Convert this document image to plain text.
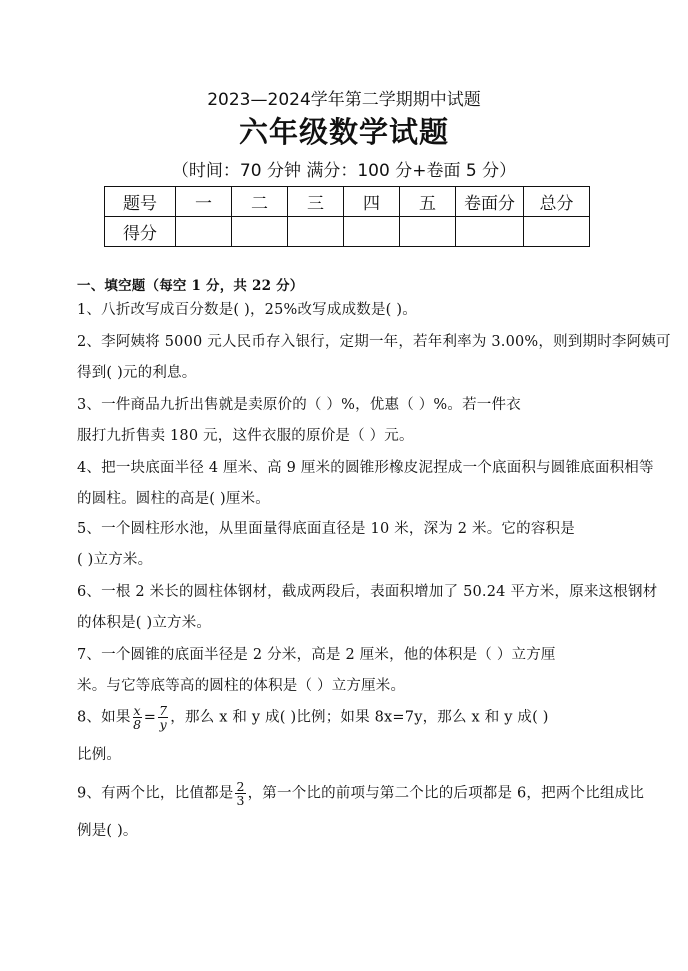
2023—2024学年第二学期期中试题
六年级数学试题
（时间：70 分钟 满分：100 分+卷面 5 分）
题号	一	二	三	四	五	卷面分	总分
得分							
一、填空题（每空 1 分，共 22 分）
1、八折改写成百分数是( )，25%改写成成数是( )。
2、李阿姨将 5000 元人民币存入银行，定期一年，若年利率为 3.00%，则到期时李阿姨可
得到( )元的利息。
3、一件商品九折出售就是卖原价的（ ）%，优惠（ ）%。若一件衣
服打九折售卖 180 元，这件衣服的原价是（ ）元。
4、把一块底面半径 4 厘米、高 9 厘米的圆锥形橡皮泥捏成一个底面积与圆锥底面积相等
的圆柱。圆柱的高是( )厘米。
5、一个圆柱形水池，从里面量得底面直径是 10 米，深为 2 米。它的容积是
( )立方米。
6、一根 2 米长的圆柱体钢材，截成两段后，表面积增加了 50.24 平方米，原来这根钢材
的体积是( )立方米。
7、一个圆锥的底面半径是 2 分米，高是 2 厘米，他的体积是（ ）立方厘
米。与它等底等高的圆柱的体积是（ ）立方厘米。
8、如果 $\frac{x}{8} = \frac{7}{y}$ ，那么 x 和 y 成( )比例；如果 8x=7y，那么 x 和 y 成( )
比例。
9、有两个比，比值都是 $\frac{2}{3}$ ，第一个比的前项与第二个比的后项都是 6，把两个比组成比
例是( )。
